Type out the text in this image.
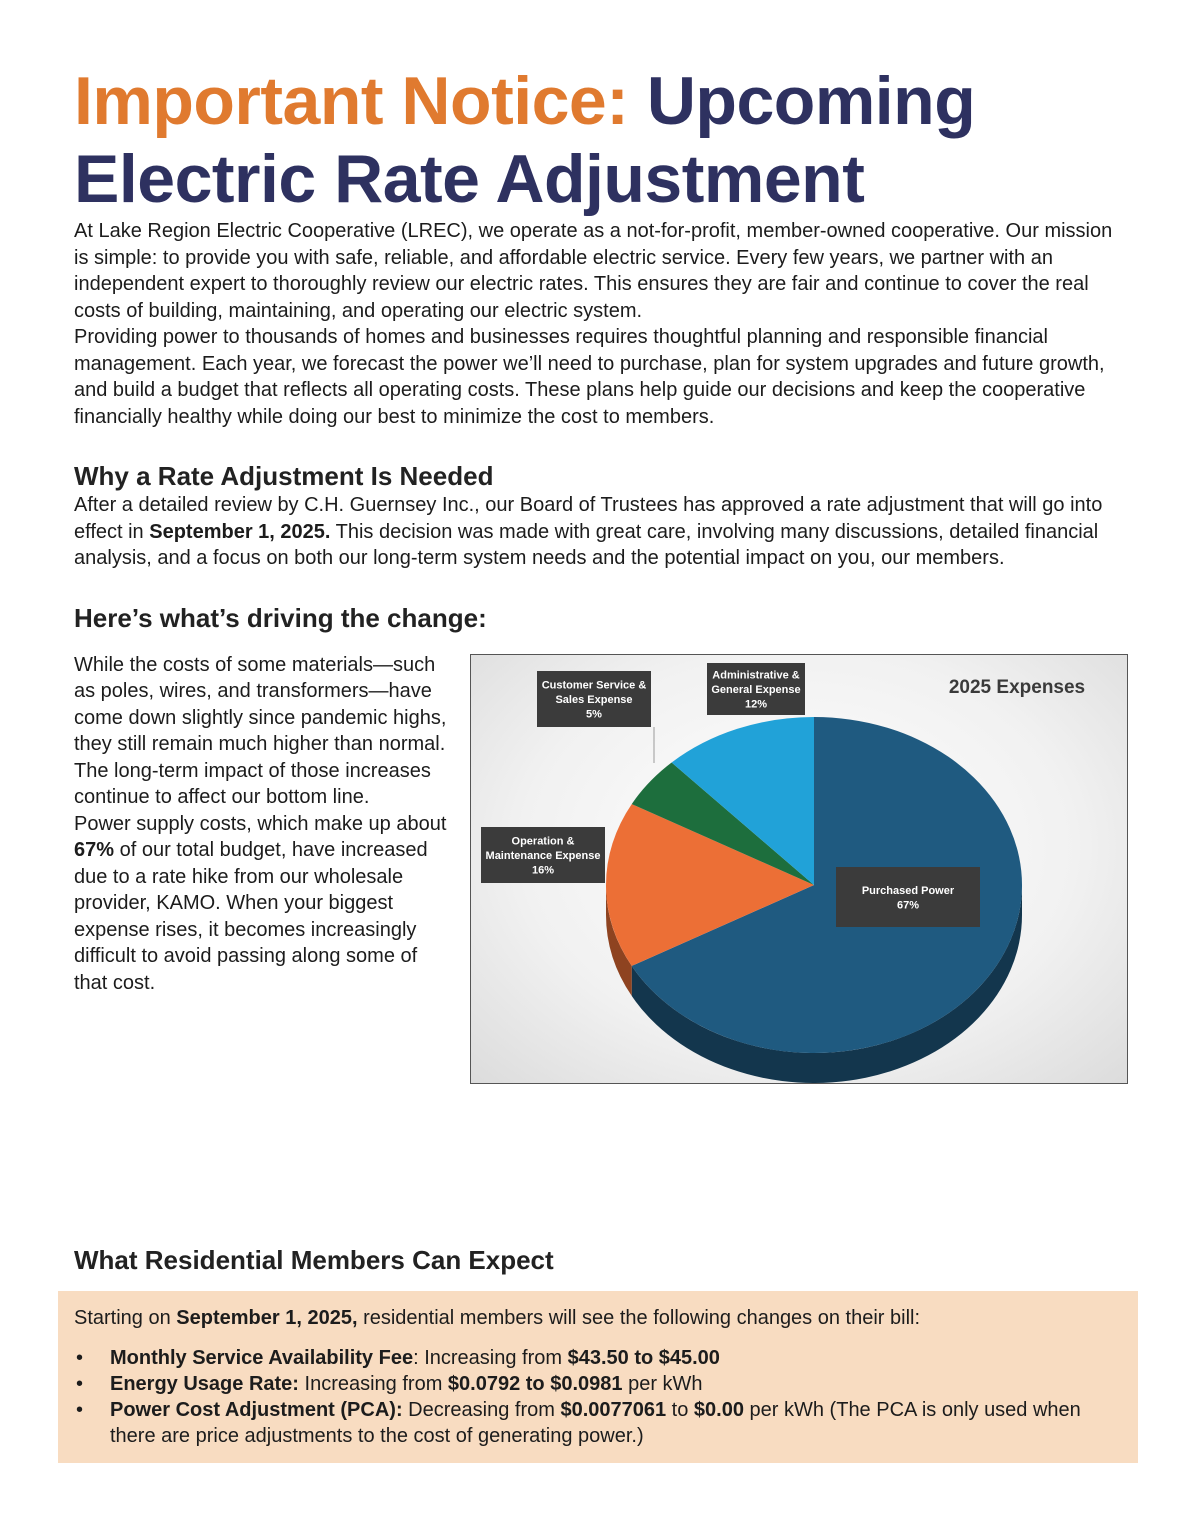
Important Notice: Upcoming Electric Rate Adjustment

At Lake Region Electric Cooperative (LREC), we operate as a not-for-profit, member-owned cooperative. Our mission is simple: to provide you with safe, reliable, and affordable electric service. Every few years, we partner with an independent expert to thoroughly review our electric rates. This ensures they are fair and continue to cover the real costs of building, maintaining, and operating our electric system.

Providing power to thousands of homes and businesses requires thoughtful planning and responsible financial management. Each year, we forecast the power we’ll need to purchase, plan for system upgrades and future growth, and build a budget that reflects all operating costs. These plans help guide our decisions and keep the cooperative financially healthy while doing our best to minimize the cost to members.

Why a Rate Adjustment Is Needed

After a detailed review by C.H. Guernsey Inc., our Board of Trustees has approved a rate adjustment that will go into effect in September 1, 2025. This decision was made with great care, involving many discussions, detailed financial analysis, and a focus on both our long-term system needs and the potential impact on you, our members.

Here’s what’s driving the change:

While the costs of some materials—such as poles, wires, and transformers—have come down slightly since pandemic highs, they still remain much higher than normal. The long-term impact of those increases continue to affect our bottom line.

Power supply costs, which make up about 67% of our total budget, have increased due to a rate hike from our wholesale provider, KAMO. When your biggest expense rises, it becomes increasingly difficult to avoid passing along some of that cost.

2025 Expenses
Purchased Power
67%
Operation &
Maintenance Expense
16%
Customer Service &
Sales Expense
5%
Administrative &
General Expense
12%
What Residential Members Can Expect

Starting on September 1, 2025, residential members will see the following changes on their bill:

• Monthly Service Availability Fee: Increasing from $43.50 to $45.00
• Energy Usage Rate: Increasing from $0.0792 to $0.0981 per kWh
• Power Cost Adjustment (PCA): Decreasing from $0.0077061 to $0.00 per kWh (The PCA is only used when there are price adjustments to the cost of generating power.)
